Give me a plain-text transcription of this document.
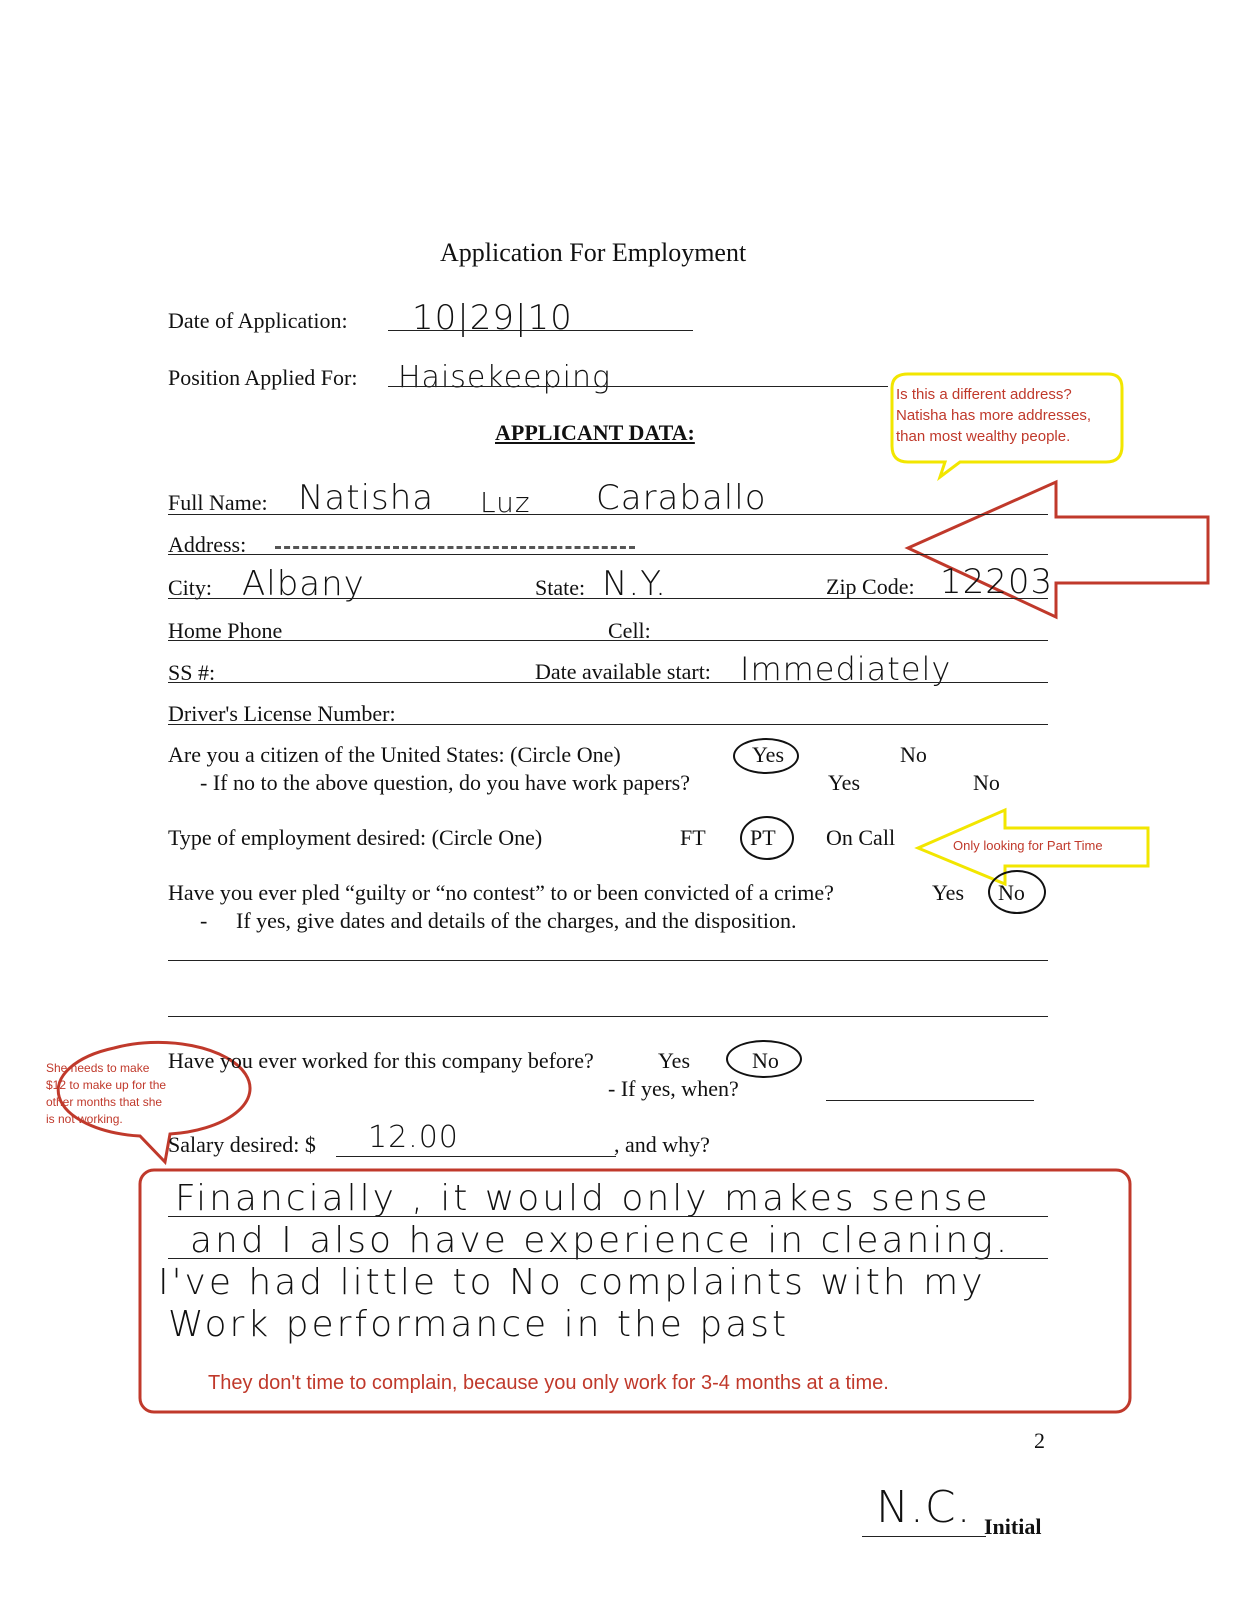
Application For Employment
Date of Application: 10|29|10
Position Applied For: Haisekeeping
APPLICANT DATA:
Full Name: Natisha Luz Caraballo
Address:
City: Albany	State: N.Y.	Zip Code: 12203
Home Phone	Cell:
SS #:	Date available start: Immediately
Driver's License Number:
Are you a citizen of the United States: (Circle One)	Yes	No
- If no to the above question, do you have work papers?	Yes	No
Type of employment desired: (Circle One)	FT PT On Call	Only looking for Part Time
Have you ever pled “guilty or “no contest” to or been convicted of a crime?	Yes No
- If yes, give dates and details of the charges, and the disposition.
Have you ever worked for this company before?	Yes	No
- If yes, when?
She needs to make
$12 to make up for the
other months that she
is not working.
Salary desired: $ 12.00	, and why?
Financially , it would only makes sense
and I also have experience in cleaning.
I've had little to No complaints with my
Work performance in the past
They don't time to complain, because you only work for 3-4 months at a time.
Is this a different address?
Natisha has more addresses,
than most wealthy people.
2
N.C. Initial
